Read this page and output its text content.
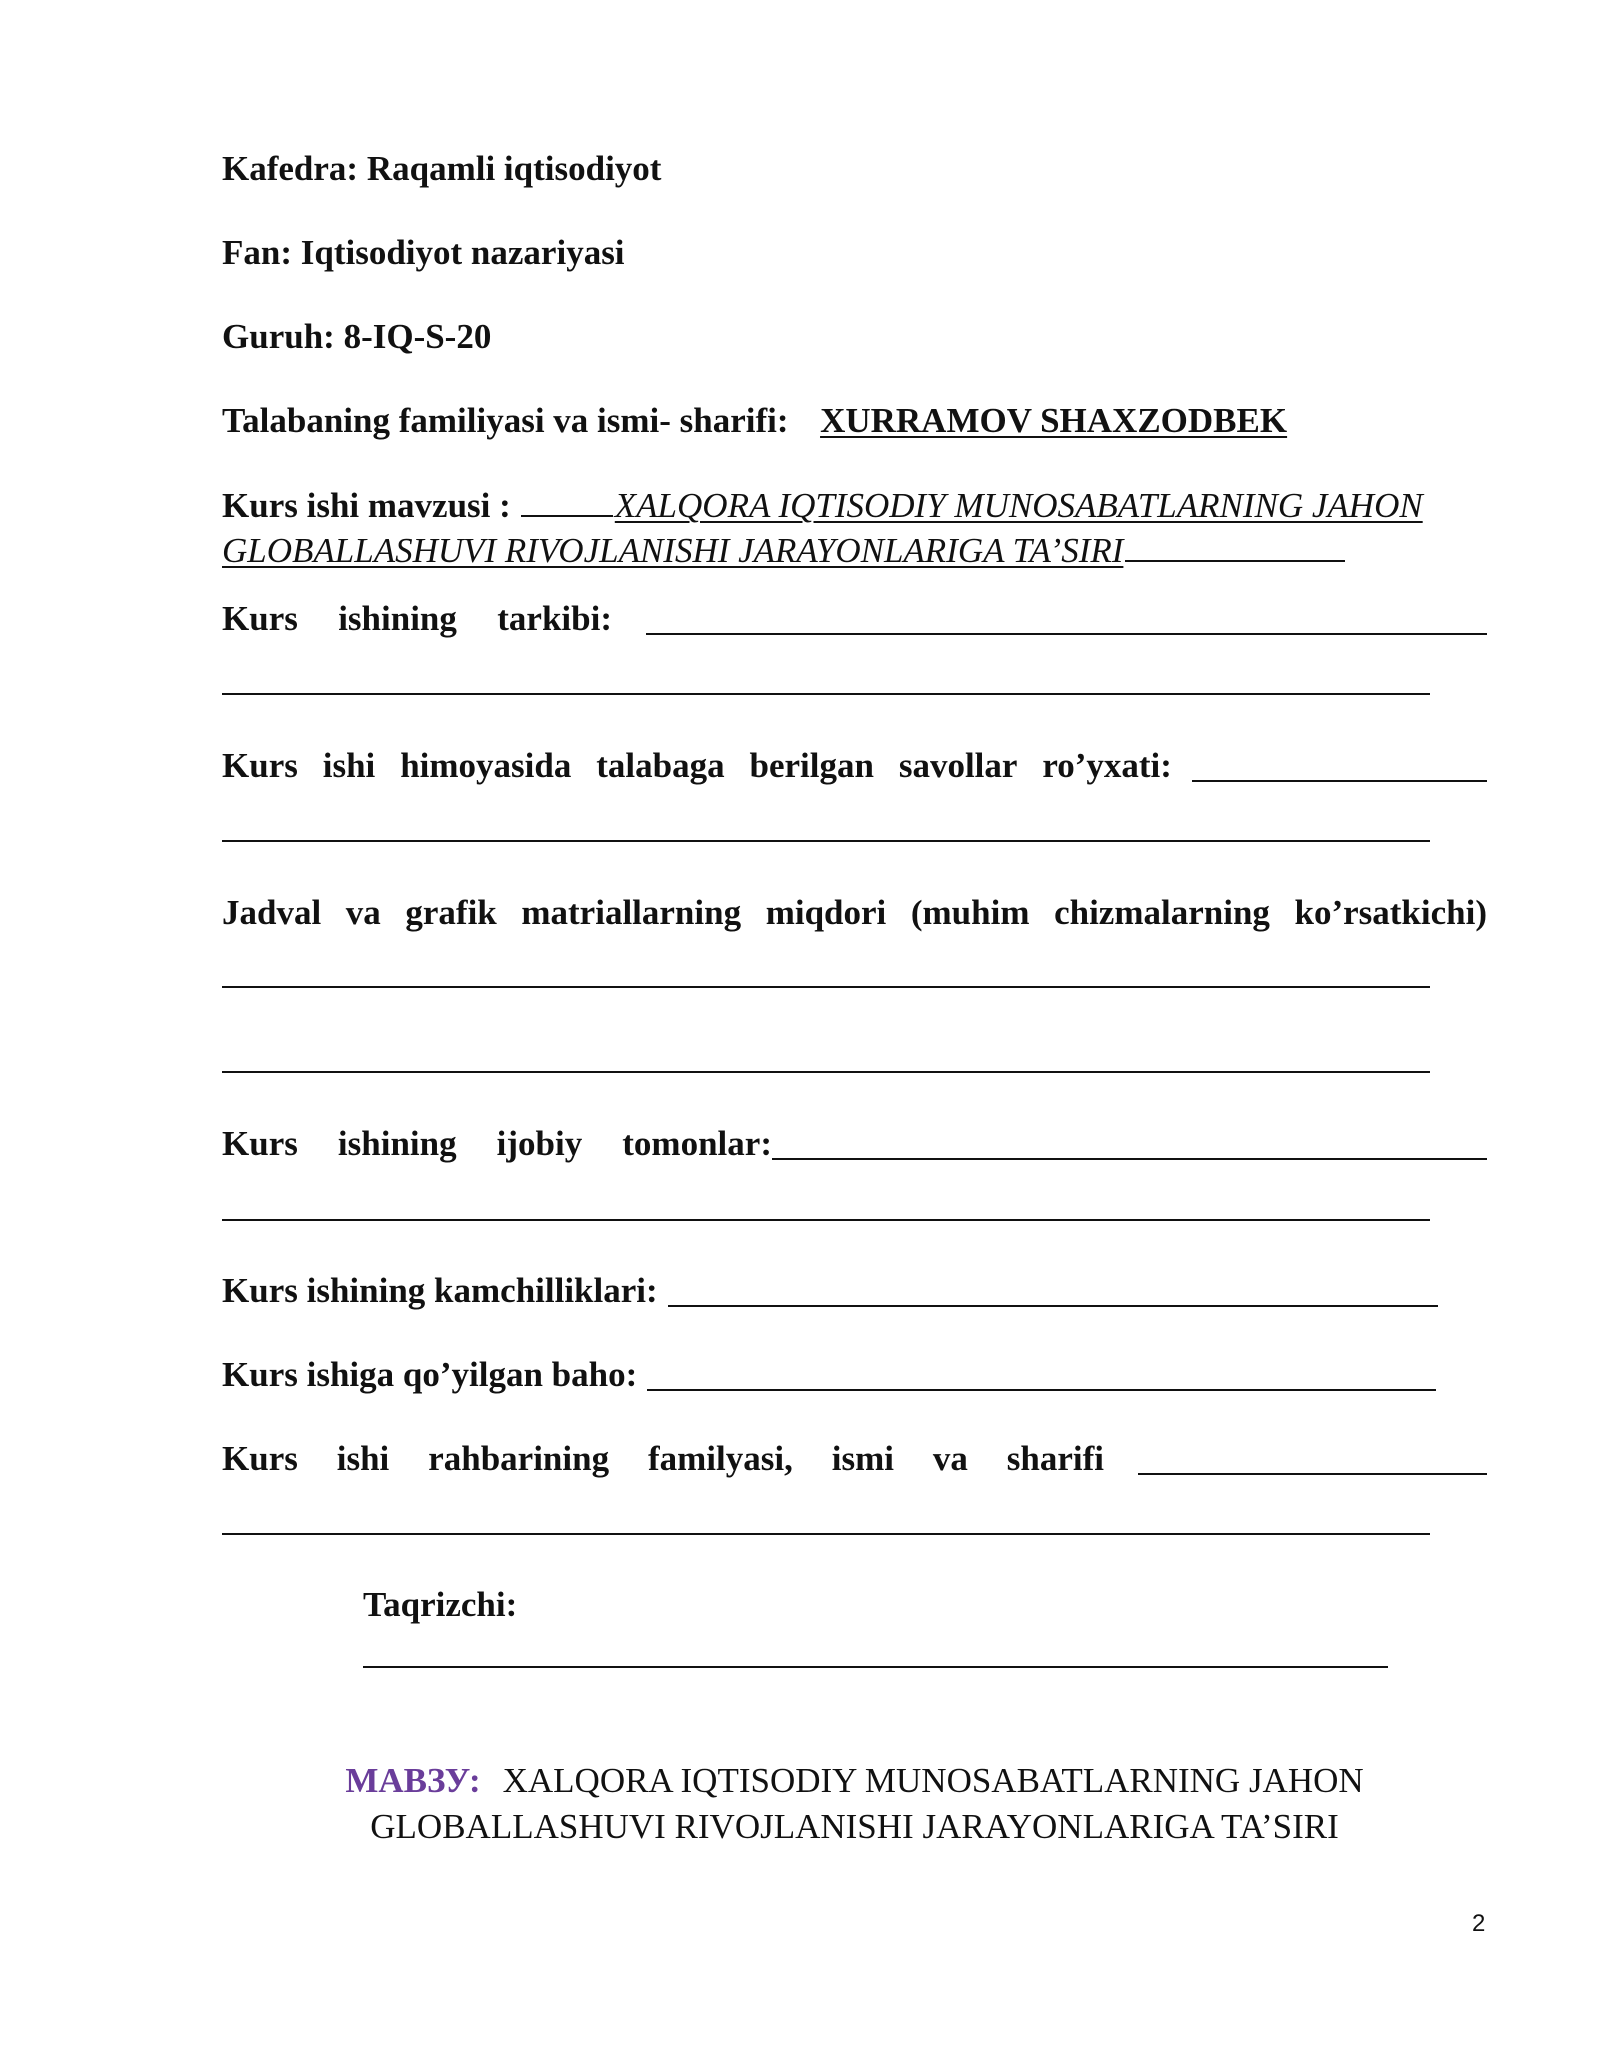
Kafedra: Raqamli iqtisodiyot
Fan: Iqtisodiyot nazariyasi
Guruh: 8-IQ-S-20
Talabaning familiyasi va ismi- sharifi: XURRAMOV SHAXZODBEK
Kurs ishi mavzusi :	XALQORA IQTISODIY MUNOSABATLARNING JAHON GLOBALLASHUVI RIVOJLANISHI JARAYONLARIGA TA’SIRI
Kurs ishining tarkibi:
Kurs ishi himoyasida talabaga berilgan savollar ro’yxati:
Jadval va grafik matriallarning miqdori (muhim chizmalarning ko’rsatkichi)
Kurs ishining ijobiy tomonlar:
Kurs ishining kamchilliklari:
Kurs ishiga qo’yilgan baho:
Kurs ishi rahbarining familyasi, ismi va sharifi
Taqrizchi:
МАВЗУ: XALQORA IQTISODIY MUNOSABATLARNING JAHON
GLOBALLASHUVI RIVOJLANISHI JARAYONLARIGA TA’SIRI
2
